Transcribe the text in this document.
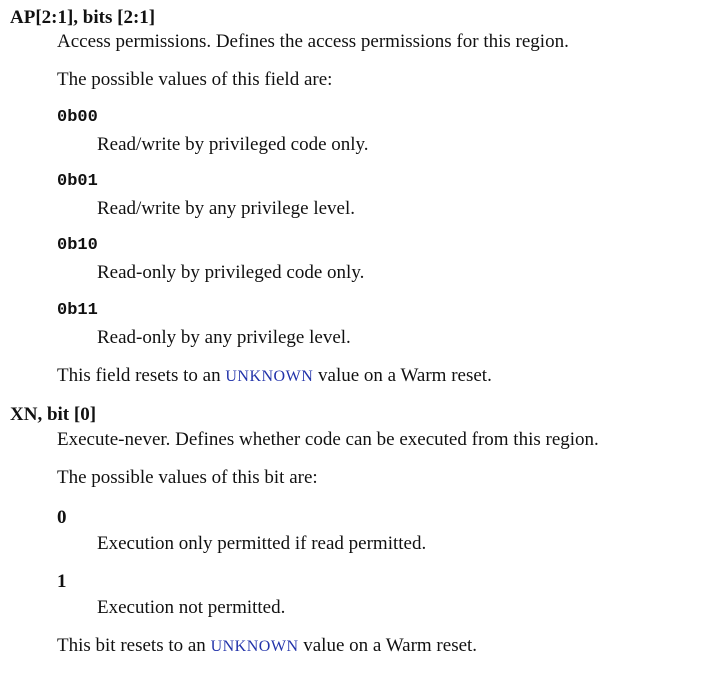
AP[2:1], bits [2:1]
Access permissions. Defines the access permissions for this region.
The possible values of this field are:
0b00
Read/write by privileged code only.
0b01
Read/write by any privilege level.
0b10
Read-only by privileged code only.
0b11
Read-only by any privilege level.
This field resets to an UNKNOWN value on a Warm reset.
XN, bit [0]
Execute-never. Defines whether code can be executed from this region.
The possible values of this bit are:
0
Execution only permitted if read permitted.
1
Execution not permitted.
This bit resets to an UNKNOWN value on a Warm reset.
